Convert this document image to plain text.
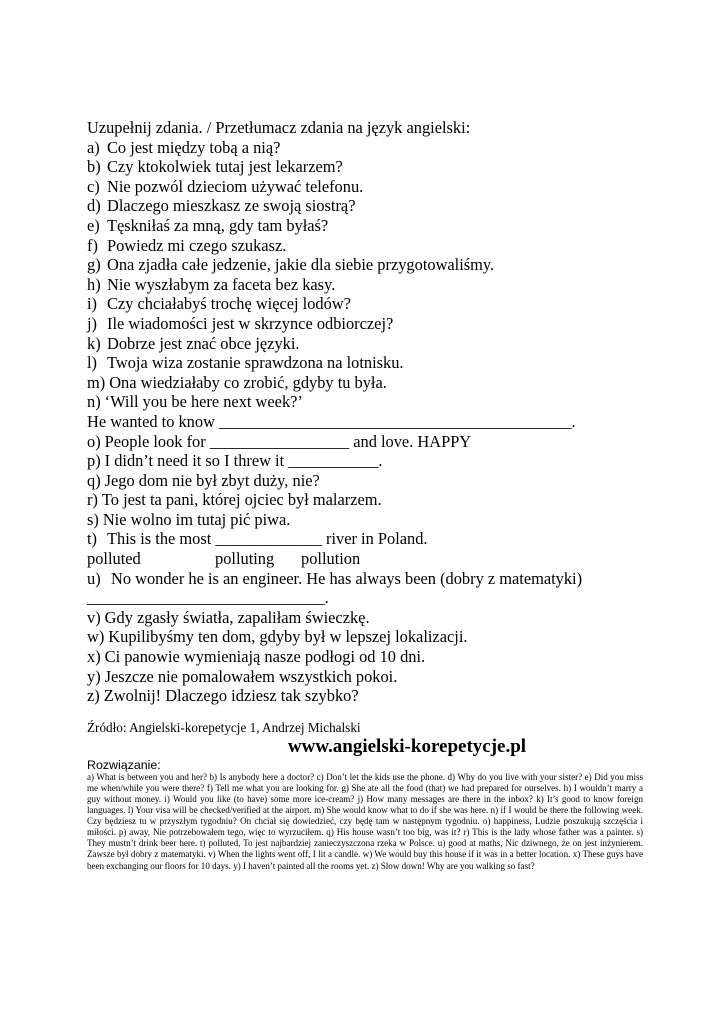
Uzupełnij zdania. / Przetłumacz zdania na język angielski:
a) Co jest między tobą a nią?
b) Czy ktokolwiek tutaj jest lekarzem?
c) Nie pozwól dzieciom używać telefonu.
d) Dlaczego mieszkasz ze swoją siostrą?
e) Tęskniłaś za mną, gdy tam byłaś?
f) Powiedz mi czego szukasz.
g) Ona zjadła całe jedzenie, jakie dla siebie przygotowaliśmy.
h) Nie wyszłabym za faceta bez kasy.
i) Czy chciałabyś trochę więcej lodów?
j) Ile wiadomości jest w skrzynce odbiorczej?
k) Dobrze jest znać obce języki.
l) Twoja wiza zostanie sprawdzona na lotnisku.
m) Ona wiedziałaby co zrobić, gdyby tu była.
n) ‘Will you be here next week?’
He wanted to know ___________________________________________.
o) People look for _________________ and love. HAPPY
p) I didn’t need it so I threw it ___________.
q) Jego dom nie był zbyt duży, nie?
r) To jest ta pani, której ojciec był malarzem.
s) Nie wolno im tutaj pić piwa.
t) This is the most _____________ river in Poland.
polluted	polluting	pollution
u) No wonder he is an engineer. He has always been (dobry z matematyki)
_____________________________.
v) Gdy zgasły światła, zapaliłam świeczkę.
w) Kupilibyśmy ten dom, gdyby był w lepszej lokalizacji.
x) Ci panowie wymieniają nasze podłogi od 10 dni.
y) Jeszcze nie pomalowałem wszystkich pokoi.
z) Zwolnij! Dlaczego idziesz tak szybko?
Źródło: Angielski-korepetycje 1, Andrzej Michalski
www.angielski-korepetycje.pl
Rozwiązanie:

a) What is between you and her? b) Is anybody here a doctor? c) Don’t let the kids use the phone. d) Why do you live with your sister? e) Did you miss me when/while you were there? f) Tell me what you are looking for. g) She ate all the food (that) we had prepared for ourselves. h) I wouldn’t marry a guy without money. i) Would you like (to have) some more ice-cream? j) How many messages are there in the inbox? k) It’s good to know foreign languages. l) Your visa will be checked/verified at the airport. m) She would know what to do if she was here. n) if I would be there the following week. Czy będziesz tu w przyszłym tygodniu? On chciał się dowiedzieć, czy będę tam w następnym tygodniu. o) happiness, Ludzie poszukują szczęścia i miłości. p) away, Nie potrzebowałem tego, więc to wyrzuciłem. q) His house wasn’t too big, was it? r) This is the lady whose father was a painter. s) They mustn’t drink beer here. t) polluted, To jest najbardziej zanieczyszczona rzeka w Polsce. u) good at maths, Nic dziwnego, że on jest inżynierem. Zawsze był dobry z matematyki. v) When the lights went off, I lit a candle. w) We would buy this house if it was in a better location. x) These guys have been exchanging our floors for 10 days. y) I haven’t painted all the rooms yet. z) Slow down! Why are you walking so fast?
